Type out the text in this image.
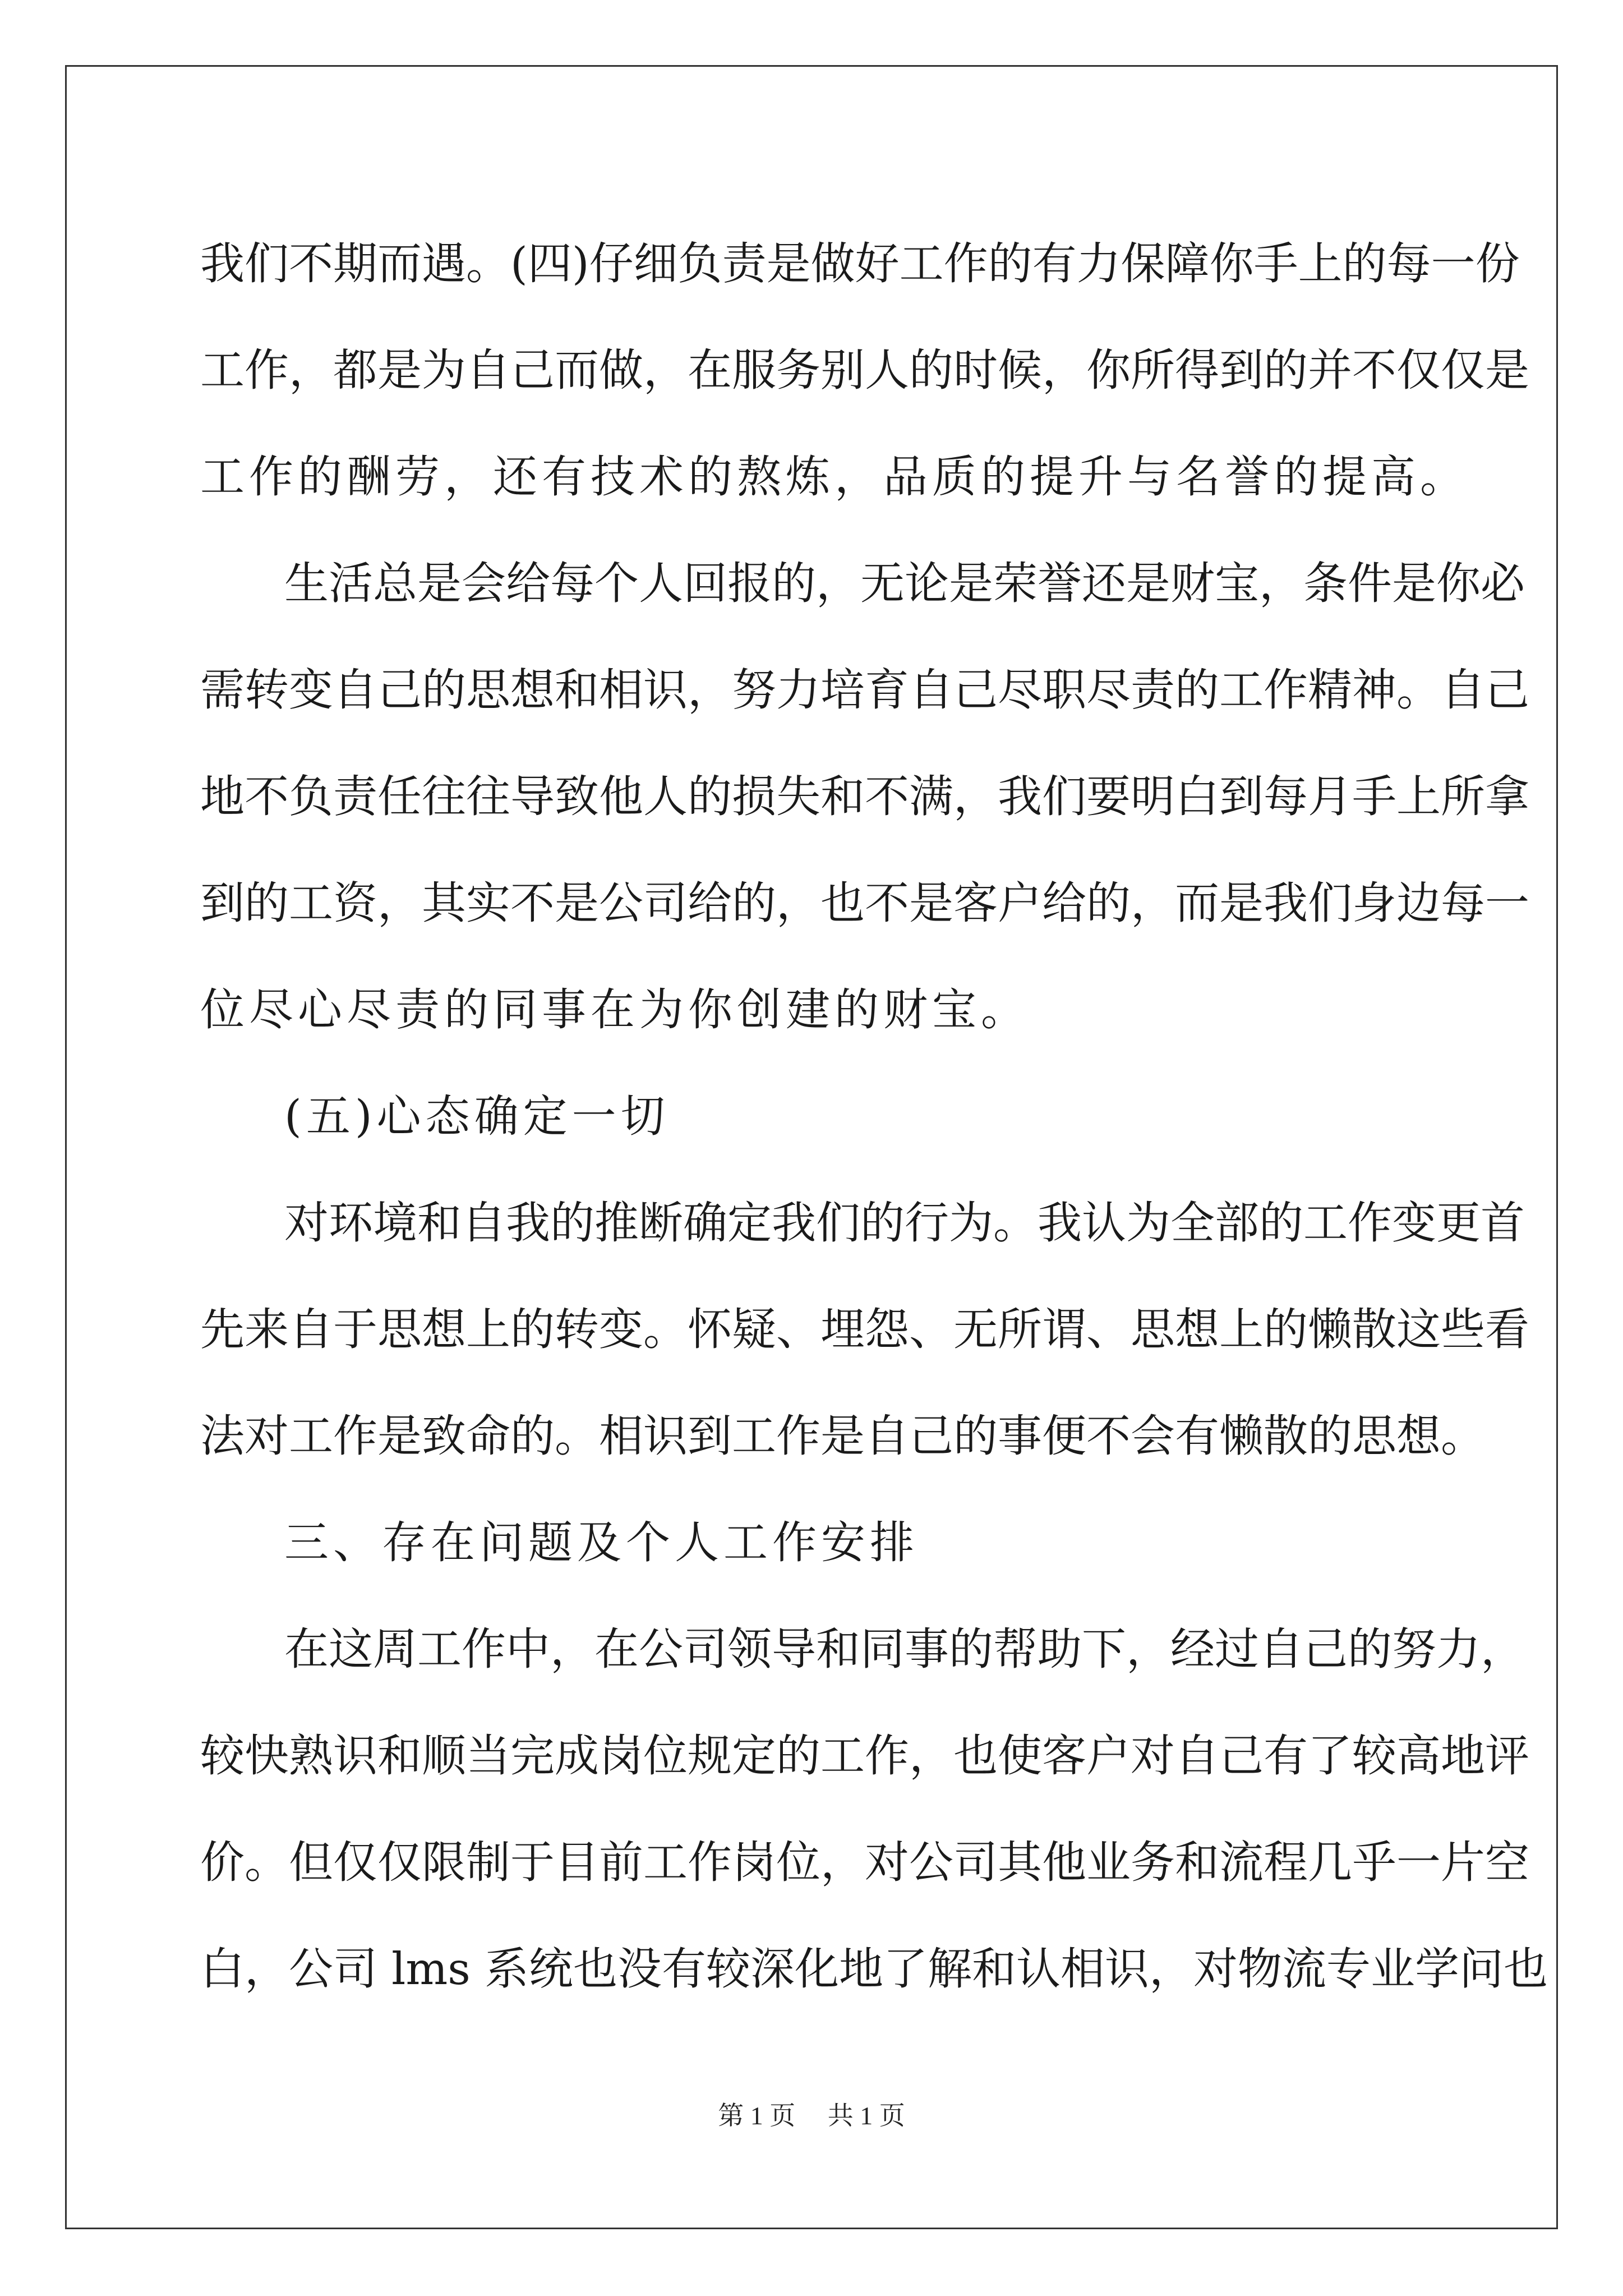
我们不期而遇。(四)仔细负责是做好工作的有力保障你手上的每一份
工作，都是为自己而做，在服务别人的时候，你所得到的并不仅仅是
工作的酬劳，还有技术的熬炼，品质的提升与名誉的提高。
生活总是会给每个人回报的，无论是荣誉还是财宝，条件是你必
需转变自己的思想和相识，努力培育自己尽职尽责的工作精神。自己
地不负责任往往导致他人的损失和不满，我们要明白到每月手上所拿
到的工资，其实不是公司给的，也不是客户给的，而是我们身边每一
位尽心尽责的同事在为你创建的财宝。
(五)心态确定一切
对环境和自我的推断确定我们的行为。我认为全部的工作变更首
先来自于思想上的转变。怀疑、埋怨、无所谓、思想上的懒散这些看
法对工作是致命的。相识到工作是自己的事便不会有懒散的思想。
三、存在问题及个人工作安排
在这周工作中，在公司领导和同事的帮助下，经过自己的努力，
较快熟识和顺当完成岗位规定的工作，也使客户对自己有了较高地评
价。但仅仅限制于目前工作岗位，对公司其他业务和流程几乎一片空
白，公司 lms 系统也没有较深化地了解和认相识，对物流专业学问也
第 1 页 共 1 页
